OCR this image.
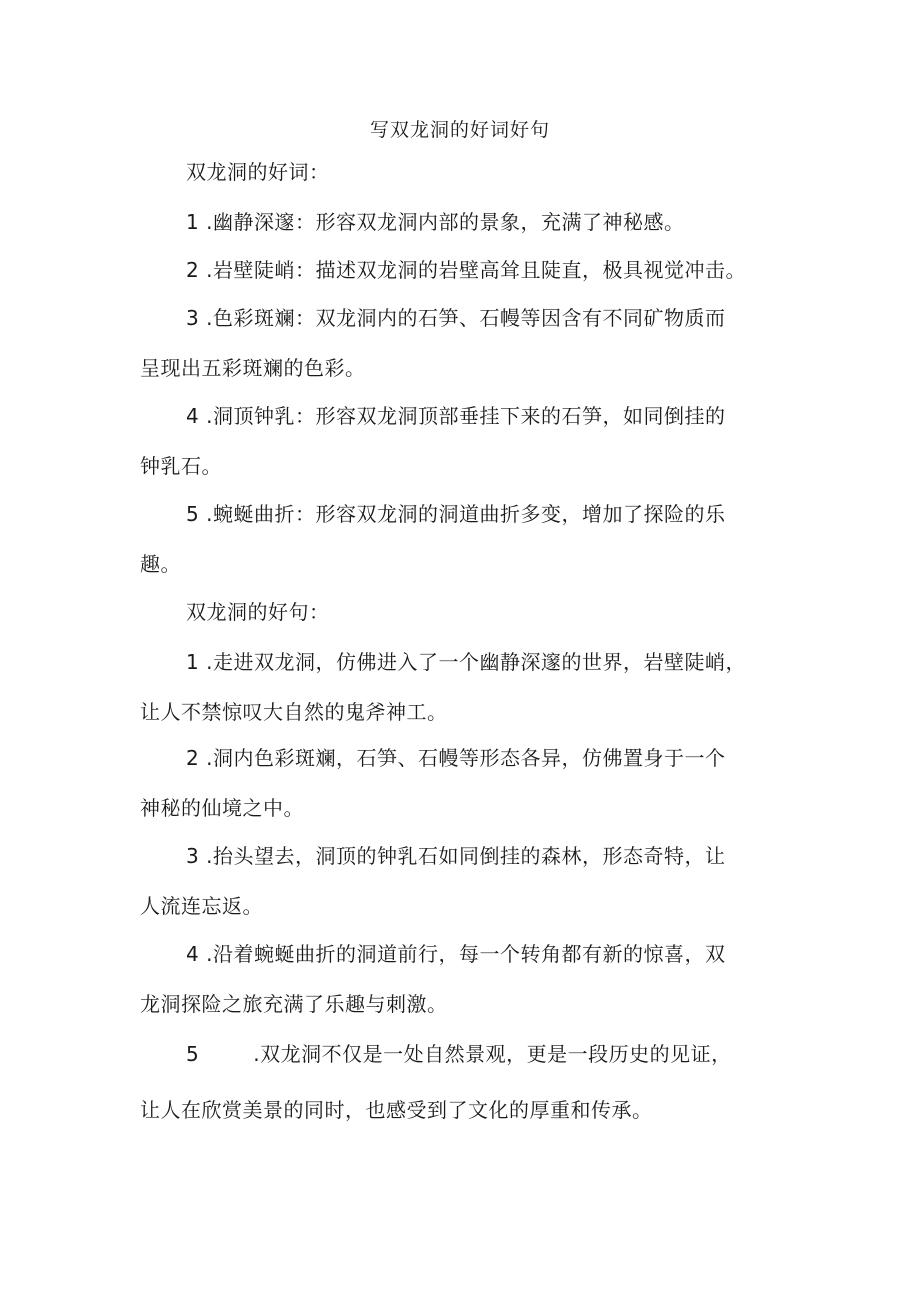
写双龙洞的好词好句
双龙洞的好词：
1 .幽静深邃：形容双龙洞内部的景象，充满了神秘感。
2 .岩壁陡峭：描述双龙洞的岩壁高耸且陡直，极具视觉冲击。
3 .色彩斑斓：双龙洞内的石笋、石幔等因含有不同矿物质而
呈现出五彩斑斓的色彩。
4 .洞顶钟乳：形容双龙洞顶部垂挂下来的石笋，如同倒挂的
钟乳石。
5 .蜿蜒曲折：形容双龙洞的洞道曲折多变，增加了探险的乐
趣。
双龙洞的好句：
1 .走进双龙洞，仿佛进入了一个幽静深邃的世界，岩壁陡峭，
让人不禁惊叹大自然的鬼斧神工。
2 .洞内色彩斑斓，石笋、石幔等形态各异，仿佛置身于一个
神秘的仙境之中。
3 .抬头望去，洞顶的钟乳石如同倒挂的森林，形态奇特，让
人流连忘返。
4 .沿着蜿蜒曲折的洞道前行，每一个转角都有新的惊喜，双
龙洞探险之旅充满了乐趣与刺激。
5	.双龙洞不仅是一处自然景观，更是一段历史的见证，
让人在欣赏美景的同时，也感受到了文化的厚重和传承。
